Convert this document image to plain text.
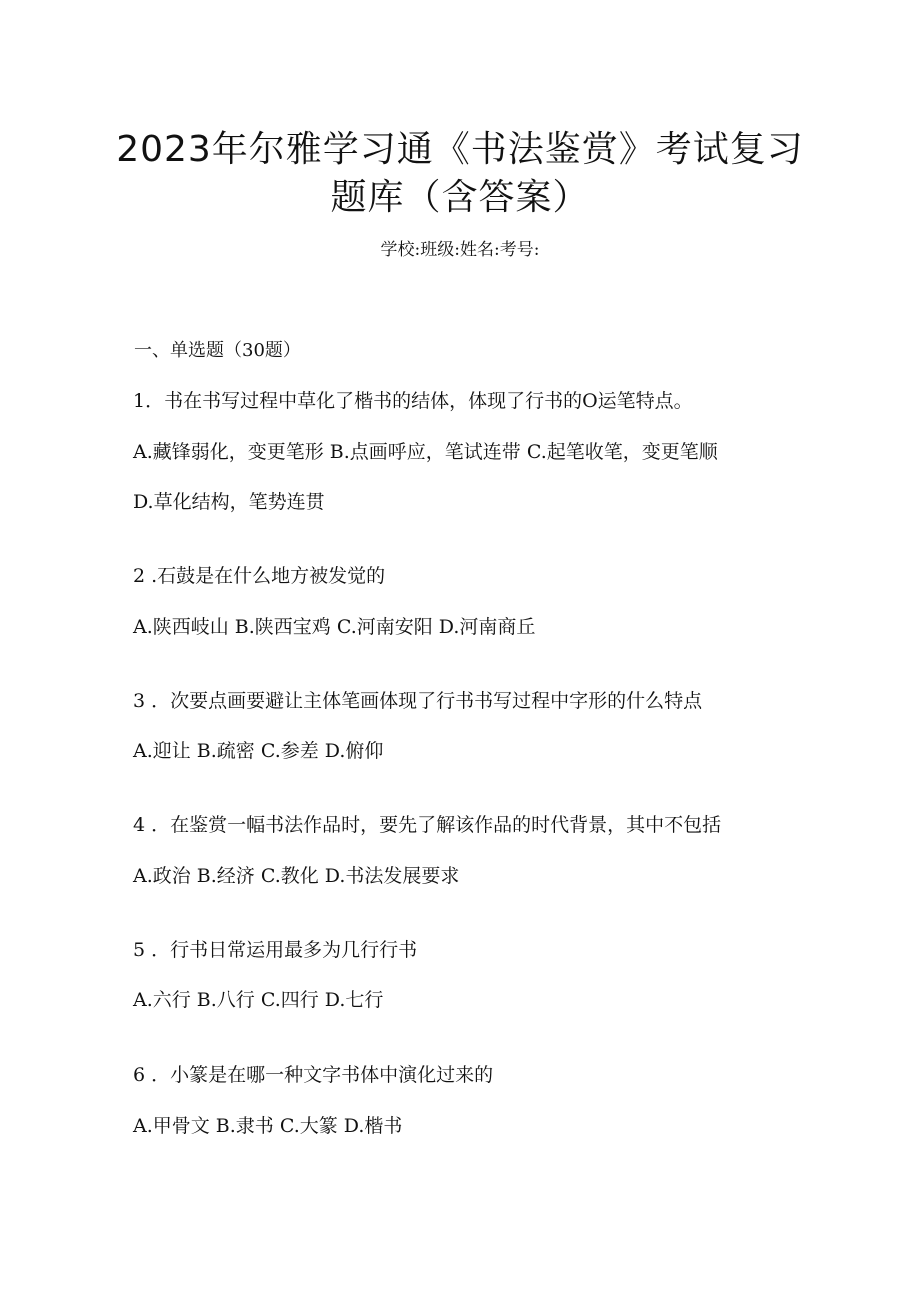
2023年尔雅学习通《书法鉴赏》考试复习
题库（含答案）
学校:班级:姓名:考号:
一、单选题（30题）
1．书在书写过程中草化了楷书的结体，体现了行书的O运笔特点。
A.藏锋弱化，变更笔形 B.点画呼应，笔试连带 C.起笔收笔，变更笔顺
D.草化结构，笔势连贯
2 .石鼓是在什么地方被发觉的
A.陕西岐山 B.陕西宝鸡 C.河南安阳 D.河南商丘
3 ．次要点画要避让主体笔画体现了行书书写过程中字形的什么特点
A.迎让 B.疏密 C.参差 D.俯仰
4 ．在鉴赏一幅书法作品时，要先了解该作品的时代背景，其中不包括
A.政治 B.经济 C.教化 D.书法发展要求
5 ．行书日常运用最多为几行行书
A.六行 B.八行 C.四行 D.七行
6 ．小篆是在哪一种文字书体中演化过来的
A.甲骨文 B.隶书 C.大篆 D.楷书
